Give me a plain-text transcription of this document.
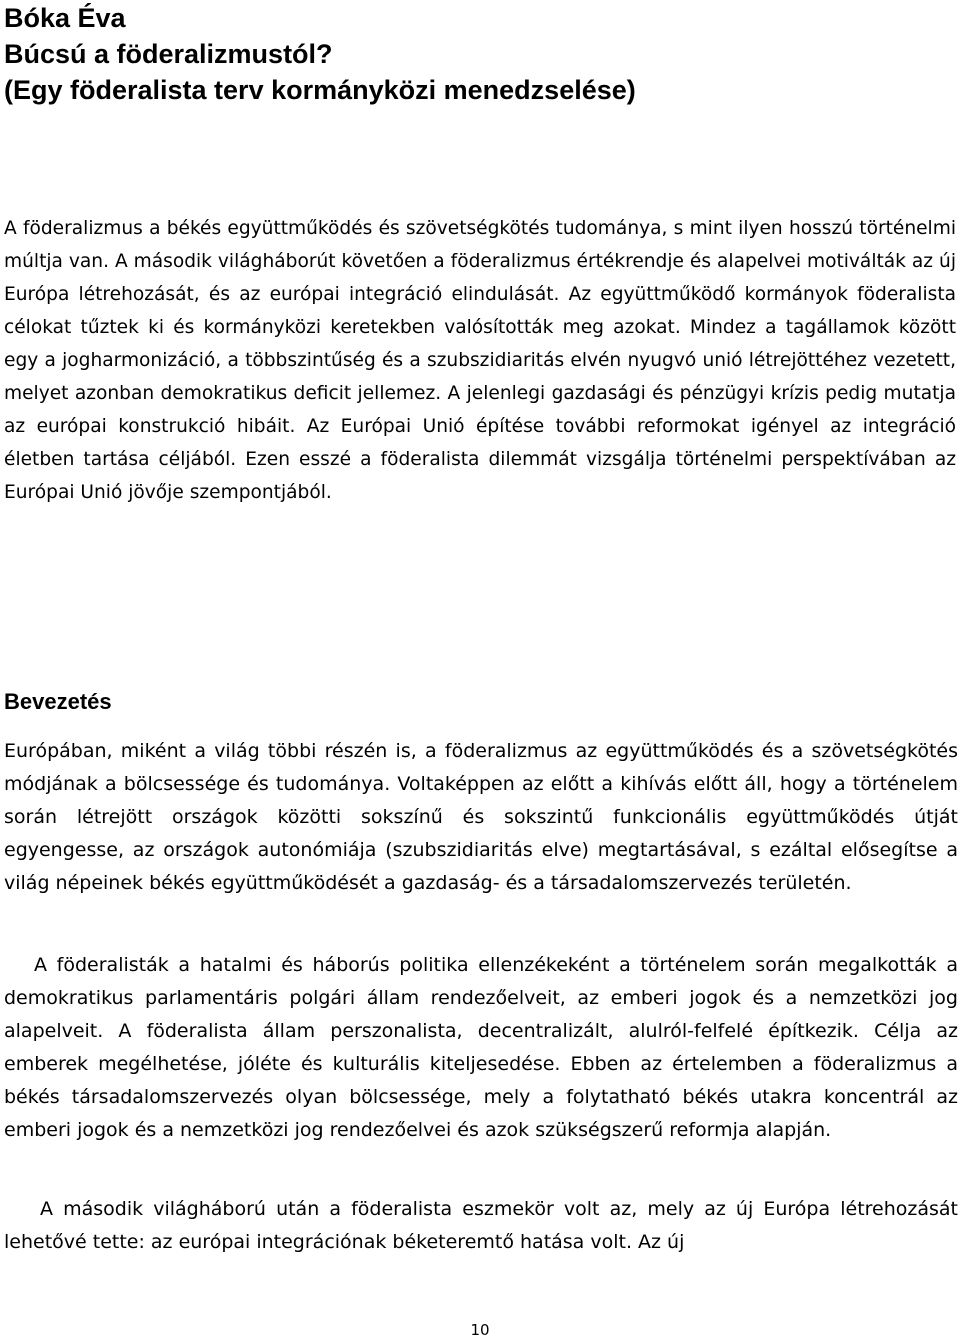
Bóka Éva
Búcsú a föderalizmustól?
(Egy föderalista terv kormányközi menedzselése)

A föderalizmus a békés együttműködés és szövetségkötés tudománya, s mint ilyen hosszú történelmi múltja van. A második világháborút követően a föderalizmus értékrendje és alapelvei motiválták az új Európa létrehozását, és az európai integráció elindulását. Az együttműködő kormányok föderalista célokat tűztek ki és kormányközi keretekben valósították meg azokat. Mindez a tagállamok között egy a jogharmonizáció, a többszintűség és a szubszidiaritás elvén nyugvó unió létrejöttéhez vezetett, melyet azonban demokratikus deficit jellemez. A jelenlegi gazdasági és pénzügyi krízis pedig mutatja az európai konstrukció hibáit. Az Európai Unió építése további reformokat igényel az integráció életben tartása céljából. Ezen esszé a föderalista dilemmát vizsgálja történelmi perspektívában az Európai Unió jövője szempontjából.

Bevezetés

Európában, miként a világ többi részén is, a föderalizmus az együttműködés és a szövetségkötés módjának a bölcsessége és tudománya. Voltaképpen az előtt a kihívás előtt áll, hogy a történelem során létrejött országok közötti sokszínű és sokszintű funkcionális együttműködés útját egyengesse, az országok autonómiája (szubszidiaritás elve) megtartásával, s ezáltal elősegítse a világ népeinek békés együttműködését a gazdaság- és a társadalomszervezés területén.

A föderalisták a hatalmi és háborús politika ellenzékeként a történelem során megalkották a demokratikus parlamentáris polgári állam rendezőelveit, az emberi jogok és a nemzetközi jog alapelveit. A föderalista állam perszonalista, decentralizált, alulról-felfelé építkezik. Célja az emberek megélhetése, jóléte és kulturális kiteljesedése. Ebben az értelemben a föderalizmus a békés társadalomszervezés olyan bölcsessége, mely a folytatható békés utakra koncentrál az emberi jogok és a nemzetközi jog rendezőelvei és azok szükségszerű reformja alapján.

A második világháború után a föderalista eszmekör volt az, mely az új Európa létrehozását lehetővé tette: az európai integrációnak béketeremtő hatása volt. Az új

10
